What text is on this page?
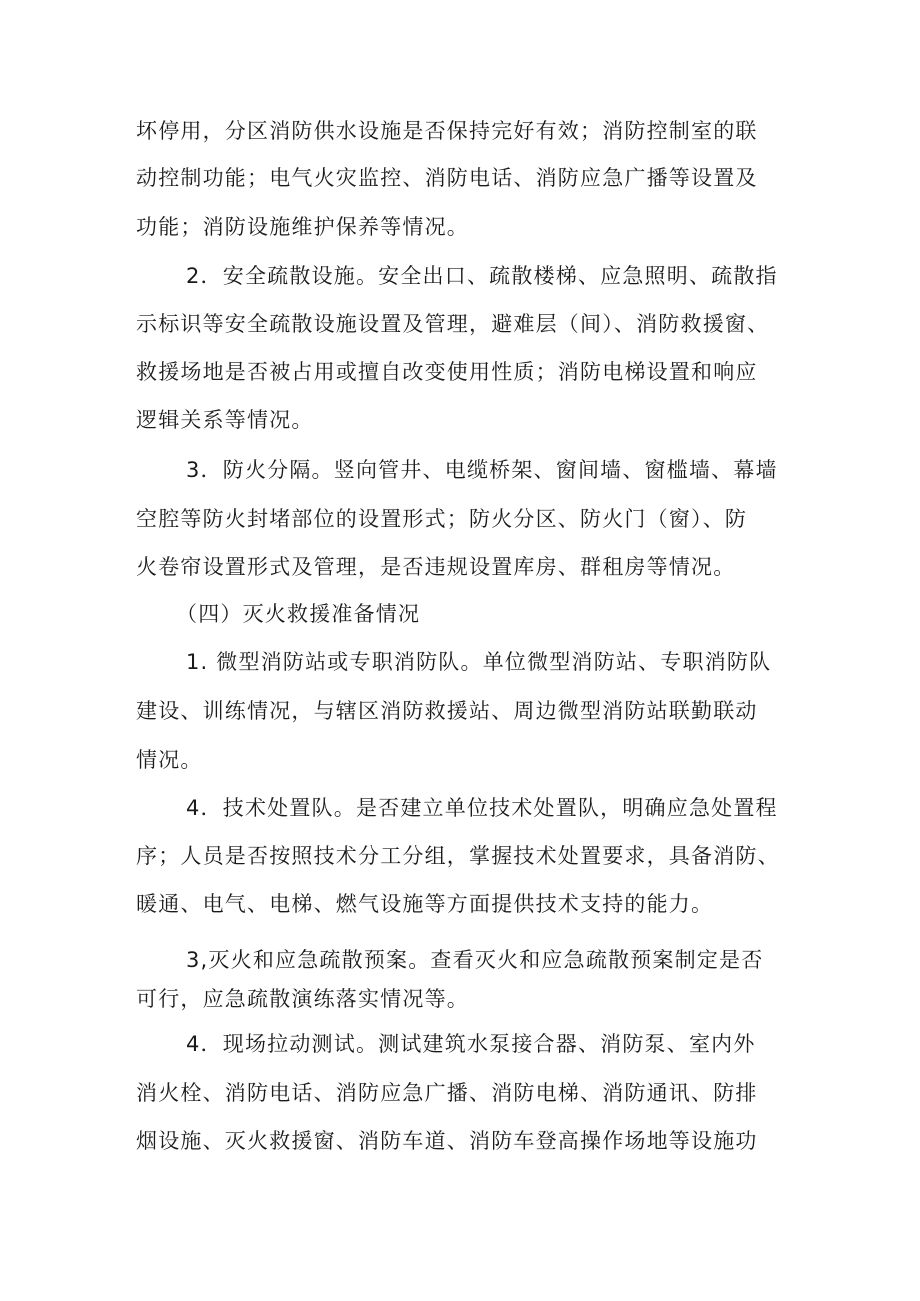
坏停用，分区消防供水设施是否保持完好有效；消防控制室的联

动控制功能；电气火灾监控、消防电话、消防应急广播等设置及

功能；消防设施维护保养等情况。

2．安全疏散设施。安全出口、疏散楼梯、应急照明、疏散指

示标识等安全疏散设施设置及管理，避难层（间）、消防救援窗、

救援场地是否被占用或擅自改变使用性质；消防电梯设置和响应

逻辑关系等情况。

3．防火分隔。竖向管井、电缆桥架、窗间墙、窗槛墙、幕墙

空腔等防火封堵部位的设置形式；防火分区、防火门（窗）、防

火卷帘设置形式及管理，是否违规设置库房、群租房等情况。

（四）灭火救援准备情况

1. 微型消防站或专职消防队。单位微型消防站、专职消防队

建设、训练情况，与辖区消防救援站、周边微型消防站联勤联动

情况。

4．技术处置队。是否建立单位技术处置队，明确应急处置程

序；人员是否按照技术分工分组，掌握技术处置要求，具备消防、

暖通、电气、电梯、燃气设施等方面提供技术支持的能力。

3,灭火和应急疏散预案。查看灭火和应急疏散预案制定是否

可行，应急疏散演练落实情况等。

4．现场拉动测试。测试建筑水泵接合器、消防泵、室内外

消火栓、消防电话、消防应急广播、消防电梯、消防通讯、防排

烟设施、灭火救援窗、消防车道、消防车登高操作场地等设施功
